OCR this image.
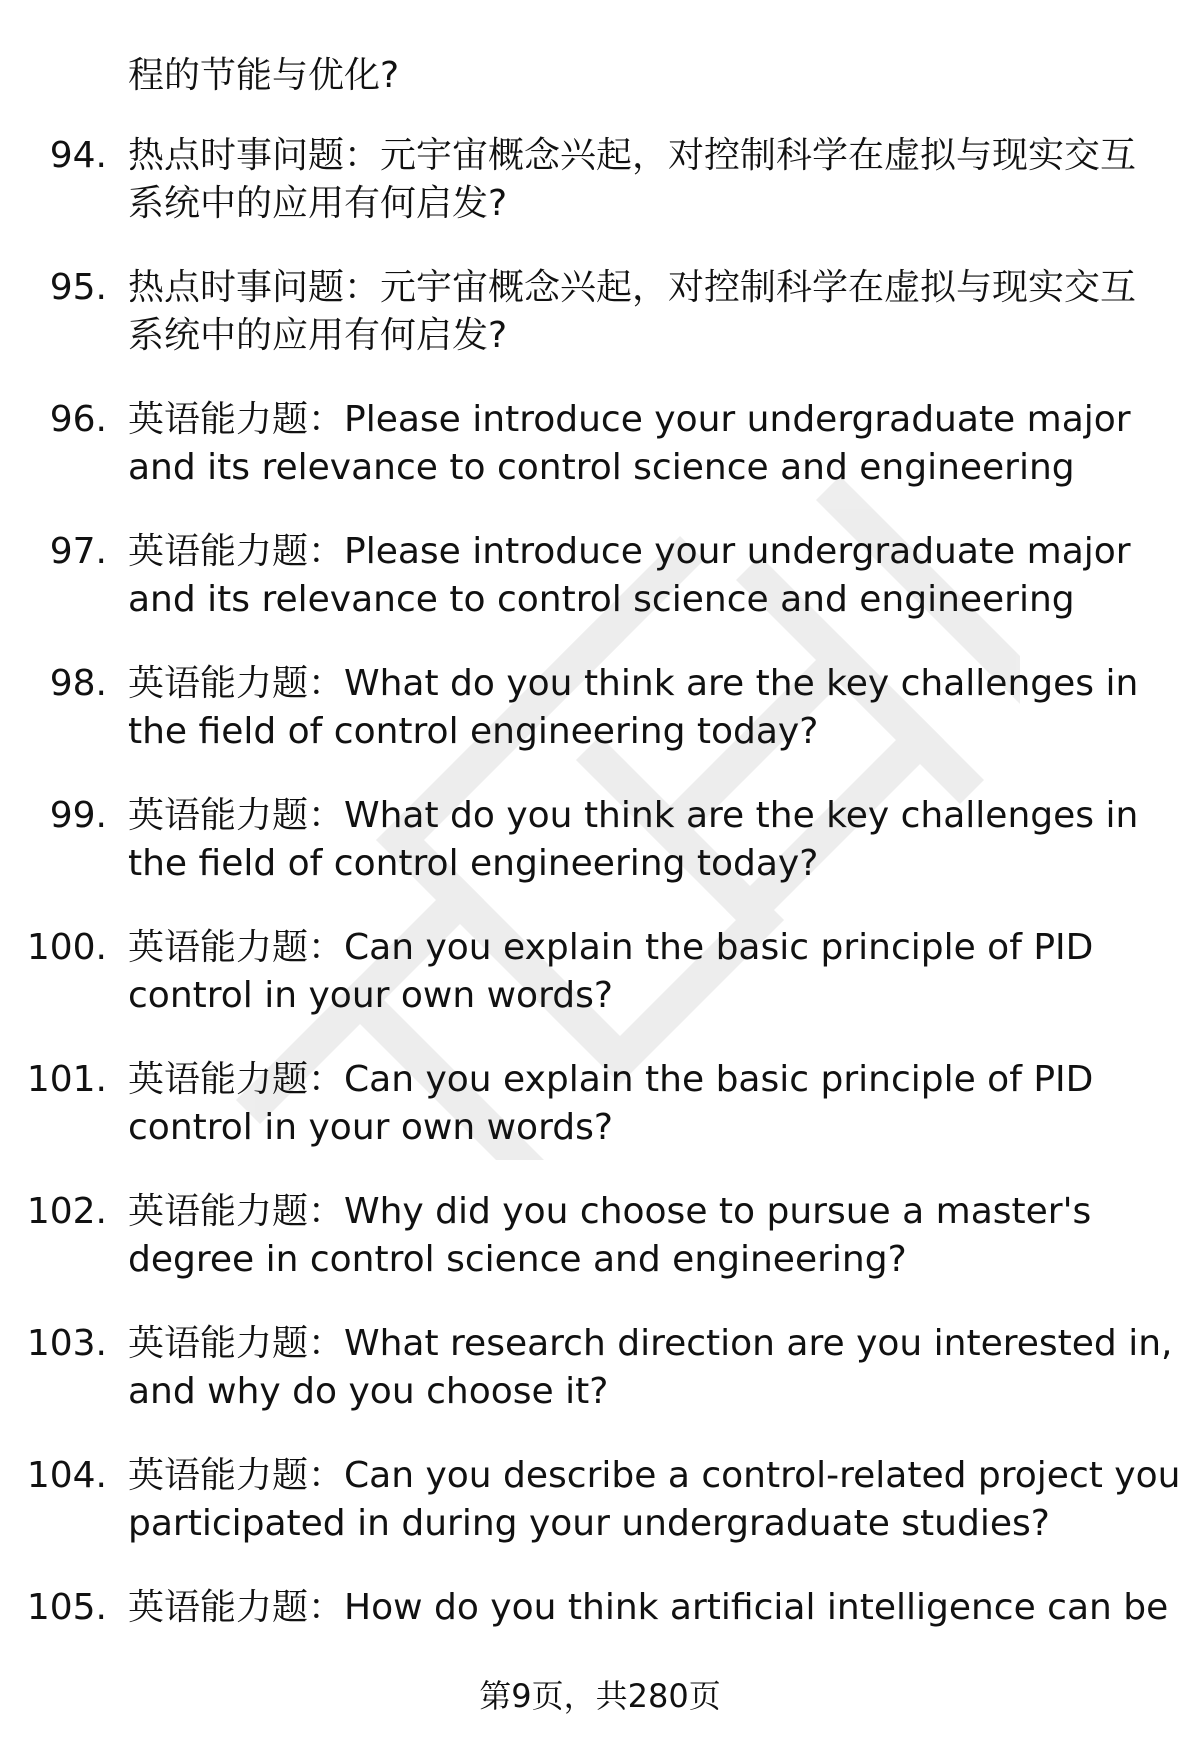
程的节能与优化?
94. 热点时事问题：元宇宙概念兴起，对控制科学在虚拟与现实交互
系统中的应用有何启发?
95. 热点时事问题：元宇宙概念兴起，对控制科学在虚拟与现实交互
系统中的应用有何启发?
96. 英语能力题：Please introduce your undergraduate major
and its relevance to control science and engineering
97. 英语能力题：Please introduce your undergraduate major
and its relevance to control science and engineering
98. 英语能力题：What do you think are the key challenges in
the field of control engineering today?
99. 英语能力题：What do you think are the key challenges in
the field of control engineering today?
100. 英语能力题：Can you explain the basic principle of PID
control in your own words?
101. 英语能力题：Can you explain the basic principle of PID
control in your own words?
102. 英语能力题：Why did you choose to pursue a master's
degree in control science and engineering?
103. 英语能力题：What research direction are you interested in,
and why do you choose it?
104. 英语能力题：Can you describe a control-related project you
participated in during your undergraduate studies?
105. 英语能力题：How do you think artificial intelligence can be
第9页，共280页
